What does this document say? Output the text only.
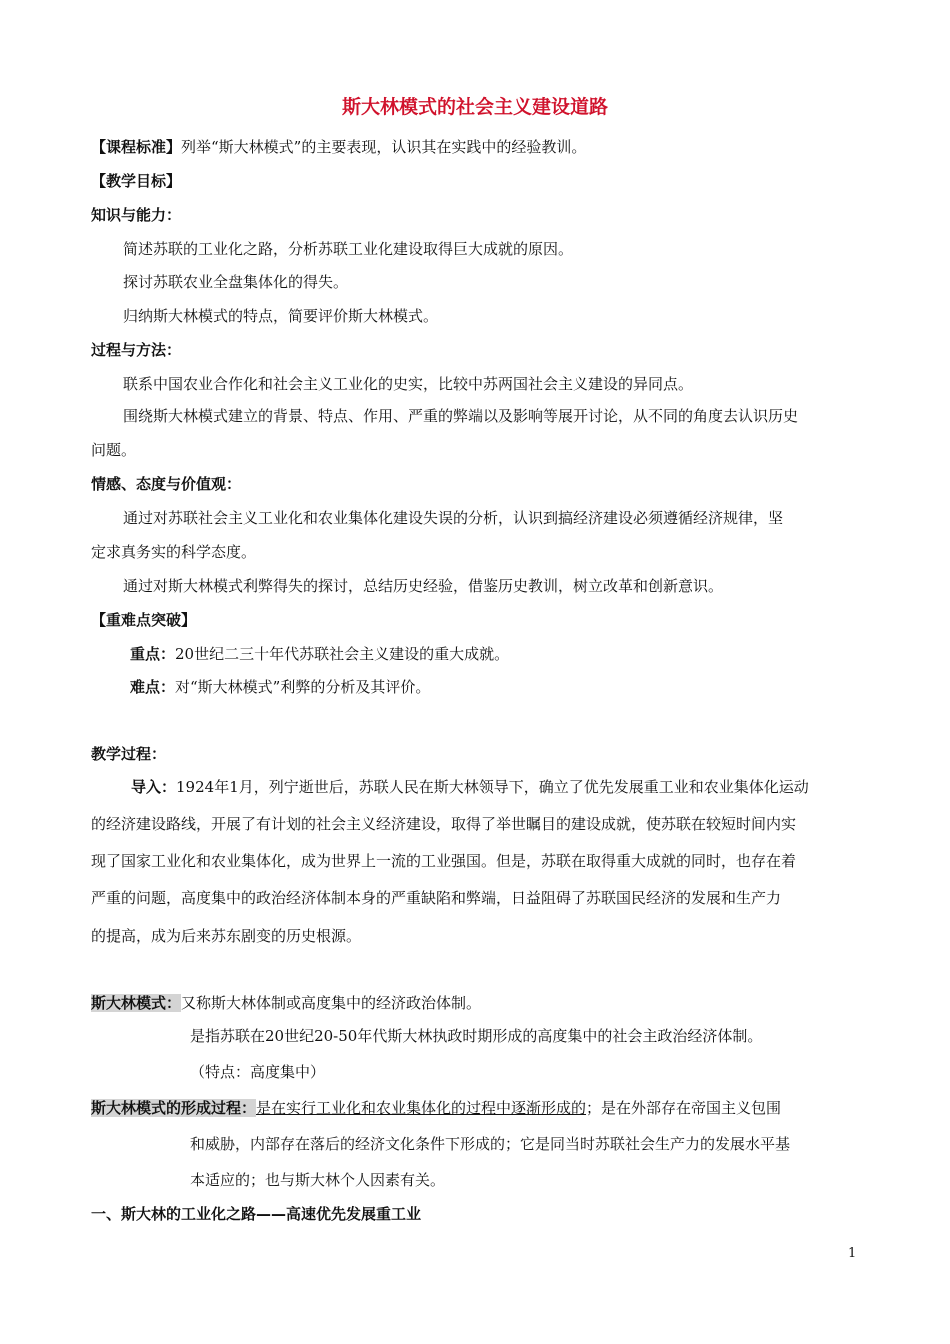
斯大林模式的社会主义建设道路
【课程标准】列举“斯大林模式”的主要表现，认识其在实践中的经验教训。
【教学目标】
知识与能力：
简述苏联的工业化之路，分析苏联工业化建设取得巨大成就的原因。
探讨苏联农业全盘集体化的得失。
归纳斯大林模式的特点，简要评价斯大林模式。
过程与方法：
联系中国农业合作化和社会主义工业化的史实，比较中苏两国社会主义建设的异同点。
围绕斯大林模式建立的背景、特点、作用、严重的弊端以及影响等展开讨论，从不同的角度去认识历史
问题。
情感、态度与价值观：
通过对苏联社会主义工业化和农业集体化建设失误的分析，认识到搞经济建设必须遵循经济规律，坚
定求真务实的科学态度。
通过对斯大林模式利弊得失的探讨，总结历史经验，借鉴历史教训，树立改革和创新意识。
【重难点突破】
重点：20世纪二三十年代苏联社会主义建设的重大成就。
难点：对“斯大林模式”利弊的分析及其评价。
教学过程：
导入：1924年1月，列宁逝世后，苏联人民在斯大林领导下，确立了优先发展重工业和农业集体化运动
的经济建设路线，开展了有计划的社会主义经济建设，取得了举世瞩目的建设成就，使苏联在较短时间内实
现了国家工业化和农业集体化，成为世界上一流的工业强国。但是，苏联在取得重大成就的同时，也存在着
严重的问题，高度集中的政治经济体制本身的严重缺陷和弊端，日益阻碍了苏联国民经济的发展和生产力
的提高，成为后来苏东剧变的历史根源。
斯大林模式：又称斯大林体制或高度集中的经济政治体制。
是指苏联在20世纪20-50年代斯大林执政时期形成的高度集中的社会主政治经济体制。
（特点：高度集中）
斯大林模式的形成过程：是在实行工业化和农业集体化的过程中逐渐形成的；是在外部存在帝国主义包围
和威胁，内部存在落后的经济文化条件下形成的；它是同当时苏联社会生产力的发展水平基
本适应的；也与斯大林个人因素有关。
一、斯大林的工业化之路——高速优先发展重工业
1
